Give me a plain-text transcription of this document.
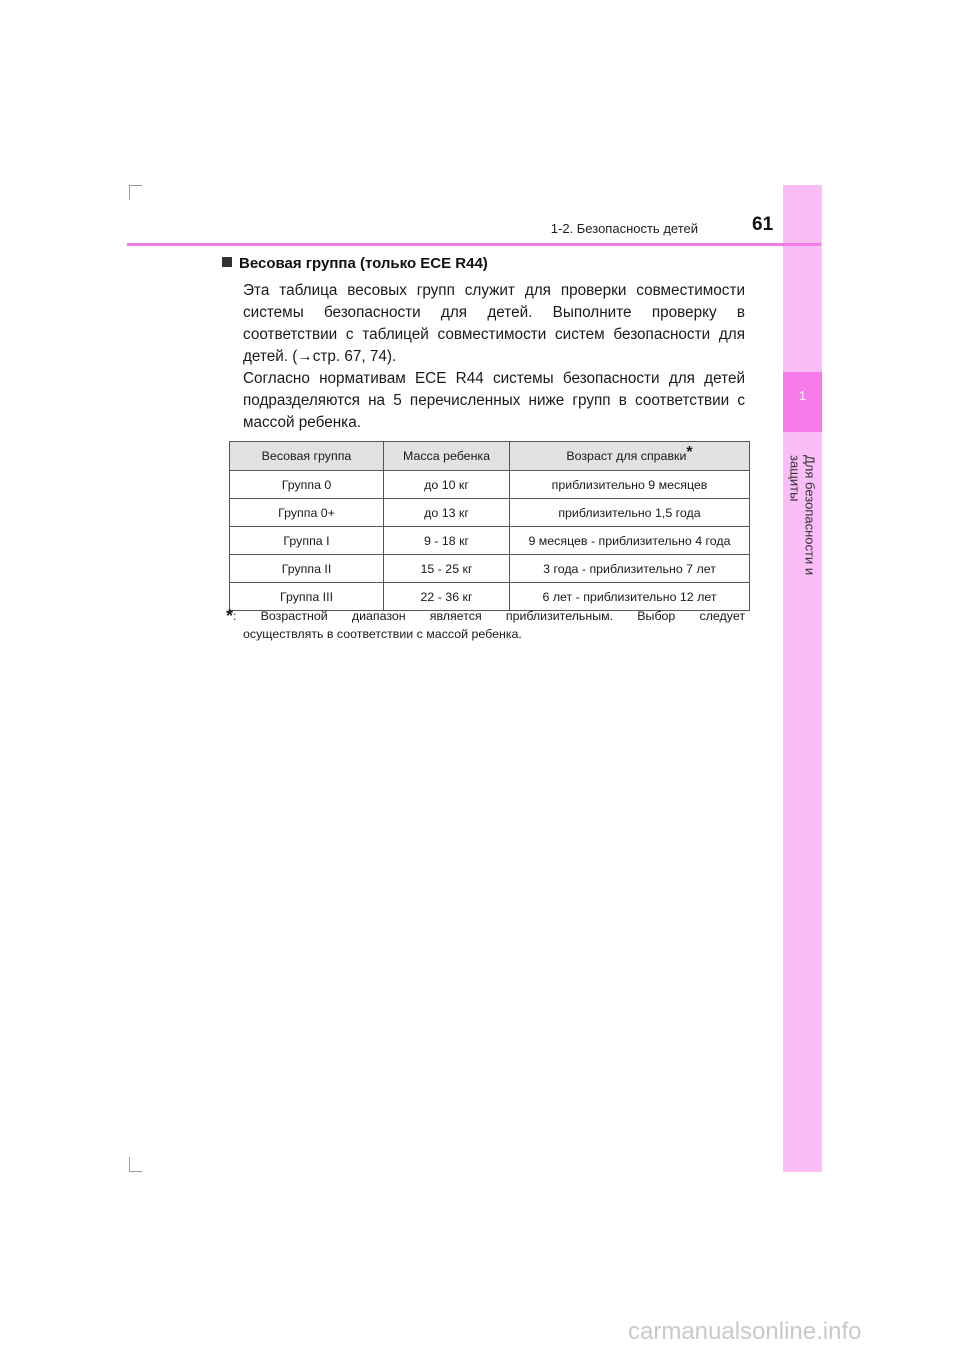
1
Для безопасности и защиты
1-2. Безопасность детей	61
Весовая группа (только ECE R44)
Эта таблица весовых групп служит для проверки совместимости системы безопасности для детей. Выполните проверку в соответствии с таблицей совместимости систем безопасности для детей. (→стр. 67, 74).
Согласно нормативам ECE R44 системы безопасности для детей подразделяются на 5 перечисленных ниже групп в соответствии с массой ребенка.
Весовая группа	Масса ребенка	Возраст для справки*
Группа 0	до 10 кг	приблизительно 9 месяцев
Группа 0+	до 13 кг	приблизительно 1,5 года
Группа I	9 - 18 кг	9 месяцев - приблизительно 4 года
Группа II	15 - 25 кг	3 года - приблизительно 7 лет
Группа III	22 - 36 кг	6 лет - приблизительно 12 лет
*: Возрастной диапазон является приблизительным. Выбор следует
осуществлять в соответствии с массой ребенка.
carmanualsonline.info
